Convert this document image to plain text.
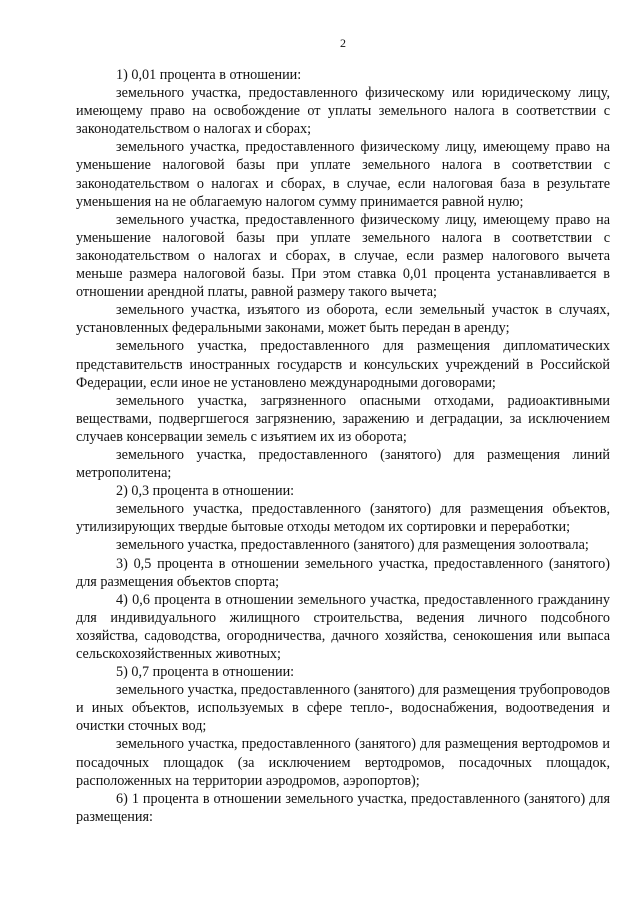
2

1) 0,01 процента в отношении:

земельного участка, предоставленного физическому или юридическому лицу, имеющему право на освобождение от уплаты земельного налога в соответствии с законодательством о налогах и сборах;

земельного участка, предоставленного физическому лицу, имеющему право на уменьшение налоговой базы при уплате земельного налога в соответствии с законодательством о налогах и сборах, в случае, если налоговая база в результате уменьшения на не облагаемую налогом сумму принимается равной нулю;

земельного участка, предоставленного физическому лицу, имеющему право на уменьшение налоговой базы при уплате земельного налога в соответствии с законодательством о налогах и сборах, в случае, если размер налогового вычета меньше размера налоговой базы. При этом ставка 0,01 процента устанавливается в отношении арендной платы, равной размеру такого вычета;

земельного участка, изъятого из оборота, если земельный участок в случаях, установленных федеральными законами, может быть передан в аренду;

земельного участка, предоставленного для размещения дипломатических представительств иностранных государств и консульских учреждений в Российской Федерации, если иное не установлено международными договорами;

земельного участка, загрязненного опасными отходами, радиоактивными веществами, подвергшегося загрязнению, заражению и деградации, за исключением случаев консервации земель с изъятием их из оборота;

земельного участка, предоставленного (занятого) для размещения линий метрополитена;

2) 0,3 процента в отношении:

земельного участка, предоставленного (занятого) для размещения объектов, утилизирующих твердые бытовые отходы методом их сортировки и переработки;

земельного участка, предоставленного (занятого) для размещения золоотвала;

3) 0,5 процента в отношении земельного участка, предоставленного (занятого) для размещения объектов спорта;

4) 0,6 процента в отношении земельного участка, предоставленного гражданину для индивидуального жилищного строительства, ведения личного подсобного хозяйства, садоводства, огородничества, дачного хозяйства, сенокошения или выпаса сельскохозяйственных животных;

5) 0,7 процента в отношении:

земельного участка, предоставленного (занятого) для размещения трубопроводов и иных объектов, используемых в сфере тепло-, водоснабжения, водоотведения и очистки сточных вод;

земельного участка, предоставленного (занятого) для размещения вертодромов и посадочных площадок (за исключением вертодромов, посадочных площадок, расположенных на территории аэродромов, аэропортов);

6) 1 процента в отношении земельного участка, предоставленного (занятого) для размещения:
